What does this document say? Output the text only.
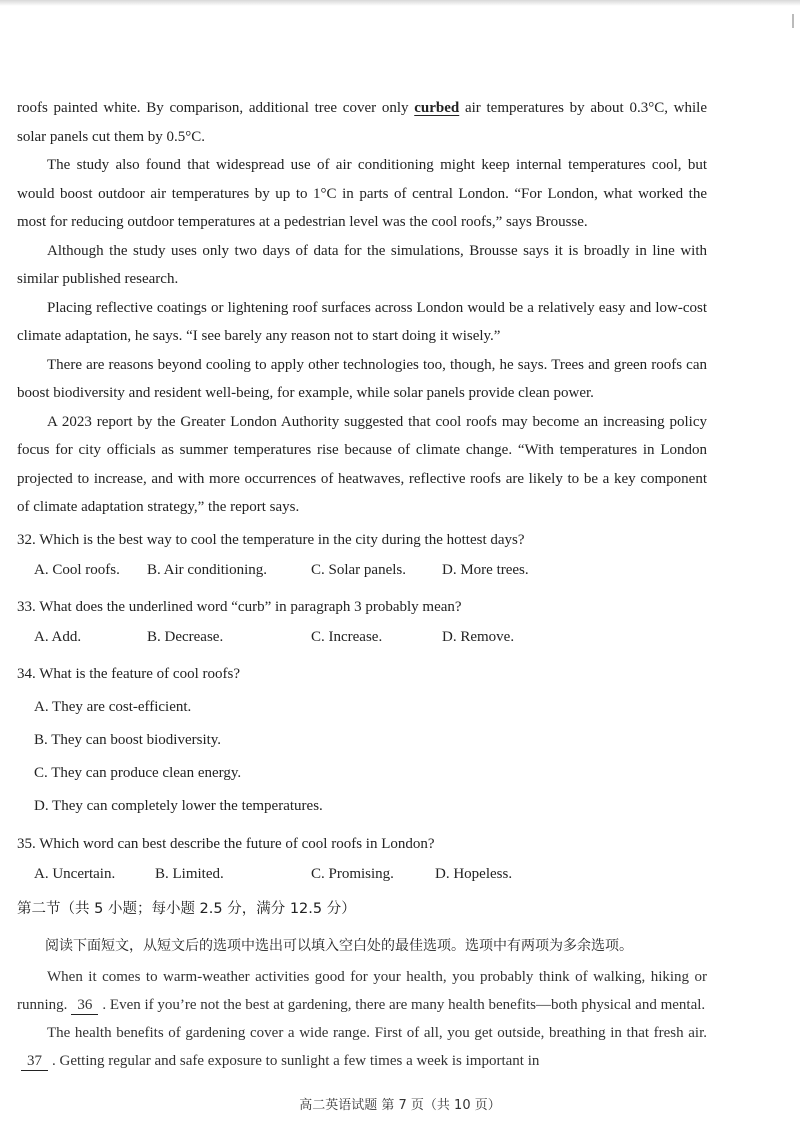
roofs painted white. By comparison, additional tree cover only curbed air temperatures by about 0.3°C, while solar panels cut them by 0.5°C.

The study also found that widespread use of air conditioning might keep internal temperatures cool, but would boost outdoor air temperatures by up to 1°C in parts of central London. “For London, what worked the most for reducing outdoor temperatures at a pedestrian level was the cool roofs,” says Brousse.

Although the study uses only two days of data for the simulations, Brousse says it is broadly in line with similar published research.

Placing reflective coatings or lightening roof surfaces across London would be a relatively easy and low-cost climate adaptation, he says. “I see barely any reason not to start doing it wisely.”

There are reasons beyond cooling to apply other technologies too, though, he says. Trees and green roofs can boost biodiversity and resident well-being, for example, while solar panels provide clean power.

A 2023 report by the Greater London Authority suggested that cool roofs may become an increasing policy focus for city officials as summer temperatures rise because of climate change. “With temperatures in London projected to increase, and with more occurrences of heatwaves, reflective roofs are likely to be a key component of climate adaptation strategy,” the report says.

32. Which is the best way to cool the temperature in the city during the hottest days?
A. Cool roofs. B. Air conditioning.	C. Solar panels. D. More trees.
33. What does the underlined word “curb” in paragraph 3 probably mean?
A. Add.	B. Decrease.	C. Increase.	D. Remove.
34. What is the feature of cool roofs?
A. They are cost-efficient.
B. They can boost biodiversity.
C. They can produce clean energy.
D. They can completely lower the temperatures.
35. Which word can best describe the future of cool roofs in London?
A. Uncertain.	B. Limited.	C. Promising.	D. Hopeless.
第二节（共 5 小题；每小题 2.5 分，满分 12.5 分）
阅读下面短文，从短文后的选项中选出可以填入空白处的最佳选项。选项中有两项为多余选项。

When it comes to warm-weather activities good for your health, you probably think of walking, hiking or running. 36 . Even if you’re not the best at gardening, there are many health benefits—both physical and mental.

The health benefits of gardening cover a wide range. First of all, you get outside, breathing in that fresh air.37 . Getting regular and safe exposure to sunlight a few times a week is important in

高二英语试题 第 7 页（共 10 页）
